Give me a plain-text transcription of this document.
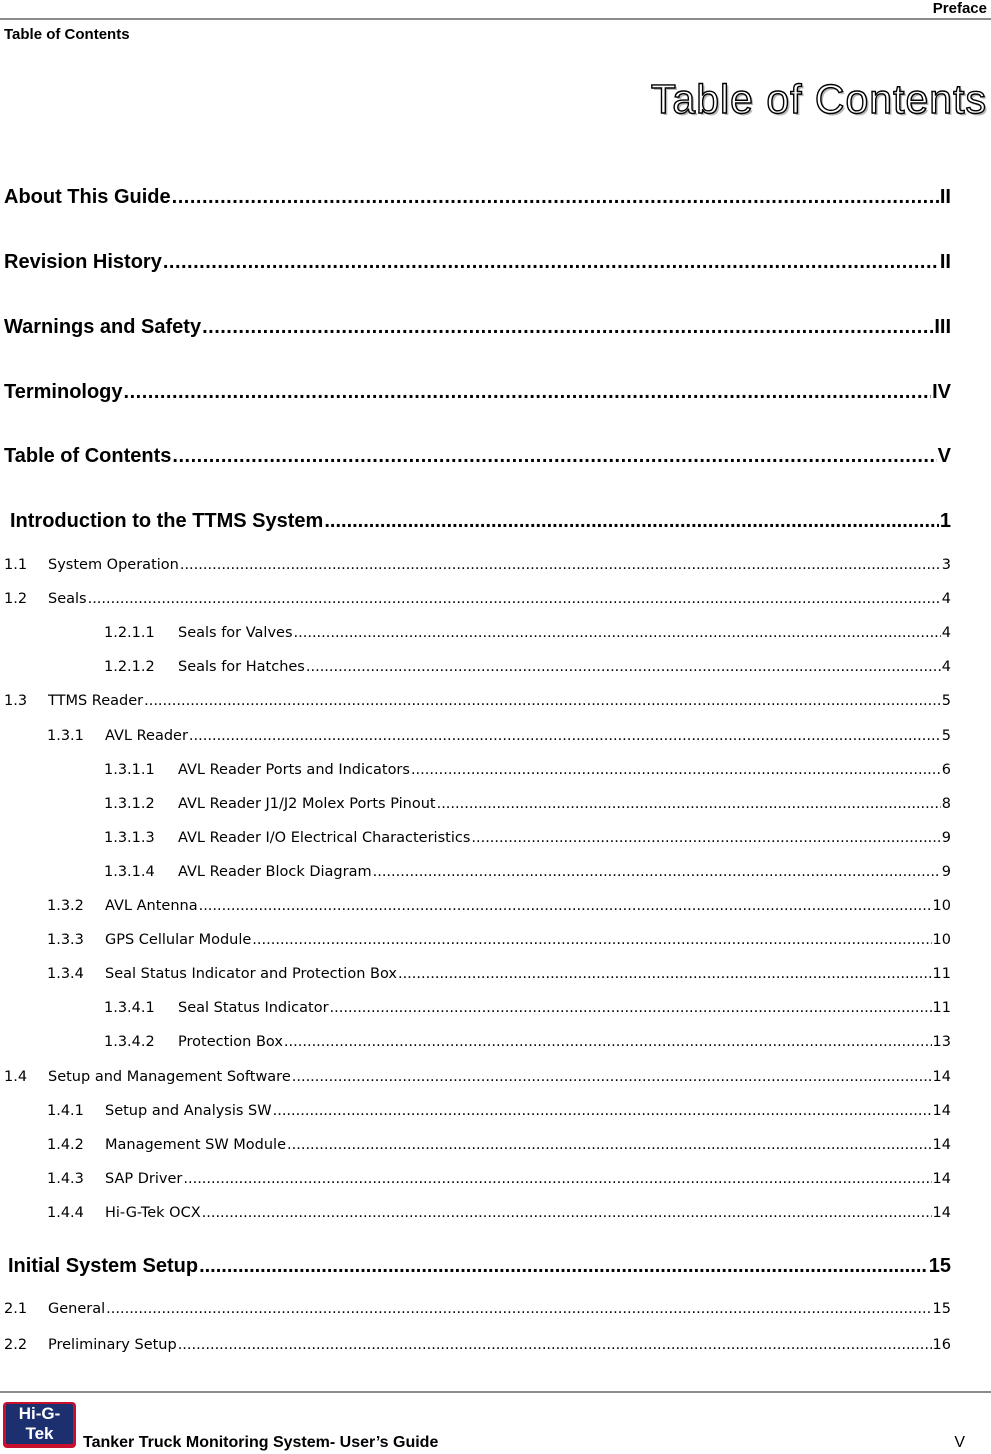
Preface
Table of Contents
Table of Contents
About This Guide .....	II
Revision History .....	II
Warnings and Safety .....	III
Terminology .....	IV
Table of Contents .....	V
Introduction to the TTMS System .....	1
1.1 System Operation .....	3
1.2 Seals .....	4
1.2.1.1 Seals for Valves .....	4
1.2.1.2 Seals for Hatches .....	4
1.3 TTMS Reader .....	5
1.3.1 AVL Reader .....	5
1.3.1.1 AVL Reader Ports and Indicators .....	6
1.3.1.2 AVL Reader J1/J2 Molex Ports Pinout .....	8
1.3.1.3 AVL Reader I/O Electrical Characteristics .....	9
1.3.1.4 AVL Reader Block Diagram .....	9
1.3.2 AVL Antenna .....	10
1.3.3 GPS Cellular Module .....	10
1.3.4 Seal Status Indicator and Protection Box .....	11
1.3.4.1 Seal Status Indicator .....	11
1.3.4.2 Protection Box .....	13
1.4 Setup and Management Software .....	14
1.4.1 Setup and Analysis SW .....	14
1.4.2 Management SW Module .....	14
1.4.3 SAP Driver .....	14
1.4.4 Hi-G-Tek OCX .....	14
Initial System Setup .....	15
2.1 General .....	15
2.2 Preliminary Setup .....	16
Hi-G-Tek	Tanker Truck Monitoring System- User’s Guide	V
